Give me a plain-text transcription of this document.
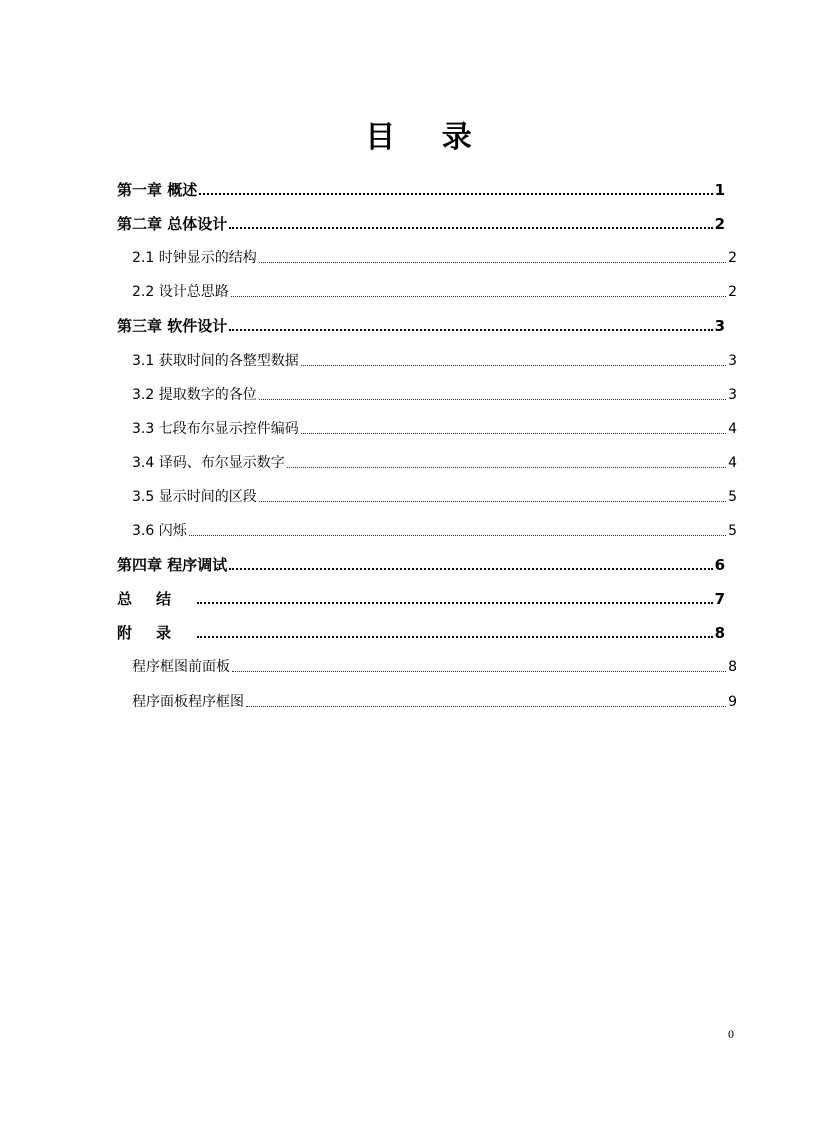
目 录
第一章 概述	1
第二章 总体设计	2
2.1 时钟显示的结构	2
2.2 设计总思路	2
第三章 软件设计	3
3.1 获取时间的各整型数据	3
3.2 提取数字的各位	3
3.3 七段布尔显示控件编码	4
3.4 译码、布尔显示数字	4
3.5 显示时间的区段	5
3.6 闪烁	5
第四章 程序调试	6
总结	7
附录	8
程序框图前面板	8
程序面板程序框图	9
0
